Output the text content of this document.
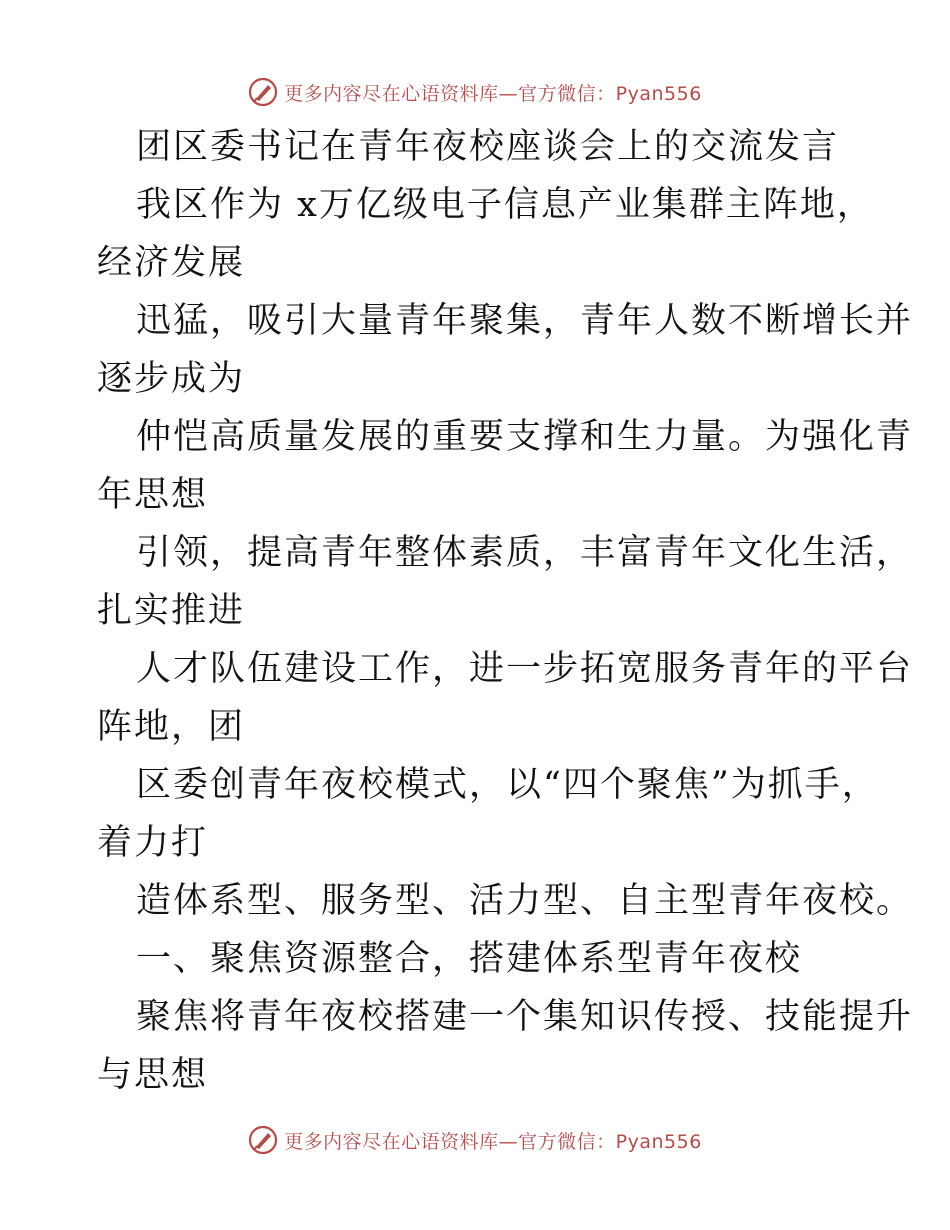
更多内容尽在心语资料库—官方微信：Pyan556
团区委书记在青年夜校座谈会上的交流发言
我区作为 x万亿级电子信息产业集群主阵地，
经济发展
迅猛，吸引大量青年聚集，青年人数不断增长并
逐步成为
仲恺高质量发展的重要支撑和生力量。为强化青
年思想
引领，提高青年整体素质，丰富青年文化生活，
扎实推进
人才队伍建设工作，进一步拓宽服务青年的平台
阵地，团
区委创青年夜校模式，以“四个聚焦”为抓手，
着力打
造体系型、服务型、活力型、自主型青年夜校。
一、聚焦资源整合，搭建体系型青年夜校
聚焦将青年夜校搭建一个集知识传授、技能提升
与思想
更多内容尽在心语资料库—官方微信：Pyan556
